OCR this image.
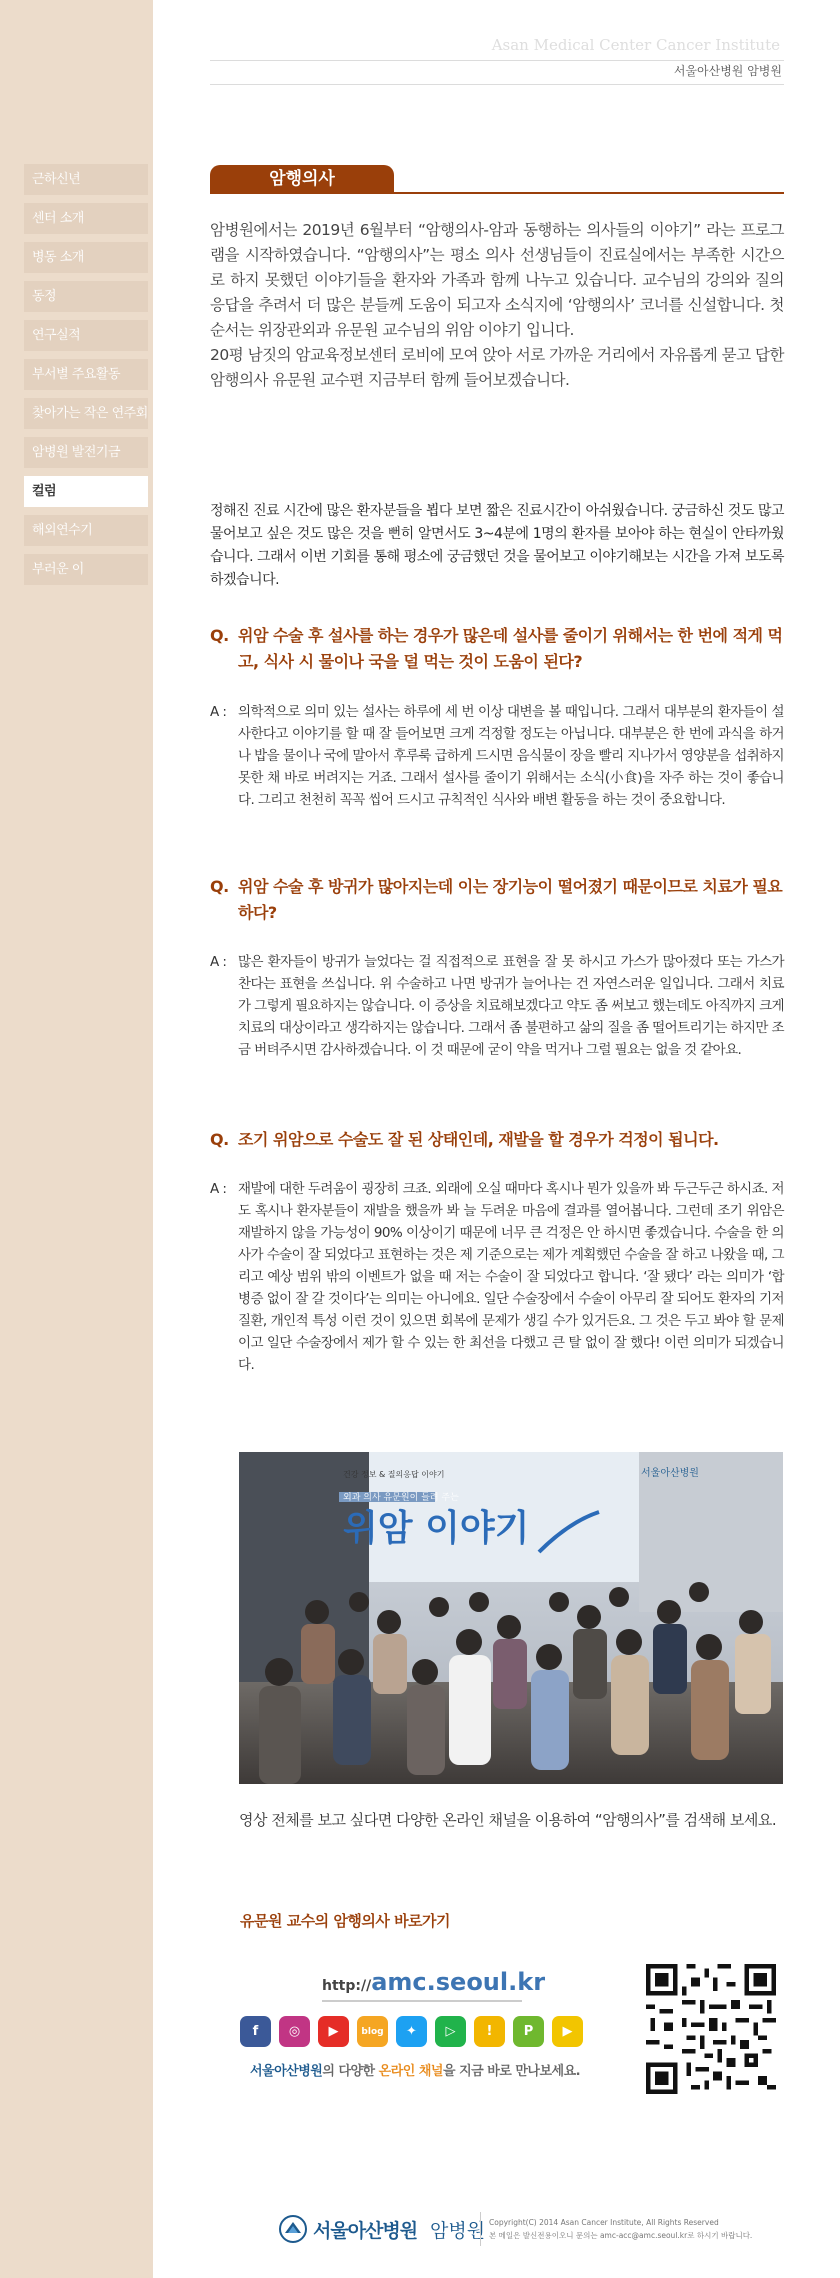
근하신년
센터 소개
병동 소개
동정
연구실적
부서별 주요활동
찾아가는 작은 연주회
암병원 발전기금
컬럼
해외연수기
부러운 이
Asan Medical Center Cancer Institute
서울아산병원 암병원
암행의사

암병원에서는 2019년 6월부터 “암행의사-암과 동행하는 의사들의 이야기” 라는 프로그램을 시작하였습니다. “암행의사”는 평소 의사 선생님들이 진료실에서는 부족한 시간으로 하지 못했던 이야기들을 환자와 가족과 함께 나누고 있습니다. 교수님의 강의와 질의응답을 추려서 더 많은 분들께 도움이 되고자 소식지에 ‘암행의사’ 코너를 신설합니다. 첫 순서는 위장관외과 유문원 교수님의 위암 이야기 입니다.

20평 남짓의 암교육정보센터 로비에 모여 앉아 서로 가까운 거리에서 자유롭게 묻고 답한 암행의사 유문원 교수편 지금부터 함께 들어보겠습니다.

정해진 진료 시간에 많은 환자분들을 뵙다 보면 짧은 진료시간이 아쉬웠습니다. 궁금하신 것도 많고 물어보고 싶은 것도 많은 것을 뻔히 알면서도 3~4분에 1명의 환자를 보아야 하는 현실이 안타까웠습니다. 그래서 이번 기회를 통해 평소에 궁금했던 것을 물어보고 이야기해보는 시간을 가져 보도록 하겠습니다.

Q. 위암 수술 후 설사를 하는 경우가 많은데 설사를 줄이기 위해서는 한 번에 적게 먹고, 식사 시 물이나 국을 덜 먹는 것이 도움이 된다?
A : 의학적으로 의미 있는 설사는 하루에 세 번 이상 대변을 볼 때입니다. 그래서 대부분의 환자들이 설사한다고 이야기를 할 때 잘 들어보면 크게 걱정할 정도는 아닙니다. 대부분은 한 번에 과식을 하거나 밥을 물이나 국에 말아서 후루룩 급하게 드시면 음식물이 장을 빨리 지나가서 영양분을 섭취하지 못한 채 바로 버려지는 거죠. 그래서 설사를 줄이기 위해서는 소식(小食)을 자주 하는 것이 좋습니다. 그리고 천천히 꼭꼭 씹어 드시고 규칙적인 식사와 배변 활동을 하는 것이 중요합니다.
Q. 위암 수술 후 방귀가 많아지는데 이는 장기능이 떨어졌기 때문이므로 치료가 필요하다?
A : 많은 환자들이 방귀가 늘었다는 걸 직접적으로 표현을 잘 못 하시고 가스가 많아졌다 또는 가스가 찬다는 표현을 쓰십니다. 위 수술하고 나면 방귀가 늘어나는 건 자연스러운 일입니다. 그래서 치료가 그렇게 필요하지는 않습니다. 이 증상을 치료해보겠다고 약도 좀 써보고 했는데도 아직까지 크게 치료의 대상이라고 생각하지는 않습니다. 그래서 좀 불편하고 삶의 질을 좀 떨어트리기는 하지만 조금 버텨주시면 감사하겠습니다. 이 것 때문에 굳이 약을 먹거나 그럴 필요는 없을 것 같아요.
Q. 조기 위암으로 수술도 잘 된 상태인데, 재발을 할 경우가 걱정이 됩니다.
A : 재발에 대한 두려움이 굉장히 크죠. 외래에 오실 때마다 혹시나 뭔가 있을까 봐 두근두근 하시죠. 저도 혹시나 환자분들이 재발을 했을까 봐 늘 두려운 마음에 결과를 열어봅니다. 그런데 조기 위암은 재발하지 않을 가능성이 90% 이상이기 때문에 너무 큰 걱정은 안 하시면 좋겠습니다. 수술을 한 의사가 수술이 잘 되었다고 표현하는 것은 제 기준으로는 제가 계획했던 수술을 잘 하고 나왔을 때, 그리고 예상 범위 밖의 이벤트가 없을 때 저는 수술이 잘 되었다고 합니다. ‘잘 됐다’ 라는 의미가 ‘합병증 없이 잘 갈 것이다’는 의미는 아니에요. 일단 수술장에서 수술이 아무리 잘 되어도 환자의 기저 질환, 개인적 특성 이런 것이 있으면 회복에 문제가 생길 수가 있거든요. 그 것은 두고 봐야 할 문제이고 일단 수술장에서 제가 할 수 있는 한 최선을 다했고 큰 탈 없이 잘 했다! 이런 의미가 되겠습니다.
건강 정보 & 질의응답 이야기
외과 의사 유문원이 들려 주는
위암 이야기
서울아산병원

영상 전체를 보고 싶다면 다양한 온라인 채널을 이용하여 “암행의사”를 검색해 보세요.

유문원 교수의 암행의사 바로가기
http://amc.seoul.kr
f	◎	▶	blog	✦	▷	!	P	▶
서울아산병원의 다양한 온라인 채널을 지금 바로 만나보세요.
서울아산병원 암병원 Copyright(C) 2014 Asan Cancer Institute, All Rights Reserved
본 메일은 발신전용이오니 문의는 amc-acc@amc.seoul.kr로 하시기 바랍니다.
